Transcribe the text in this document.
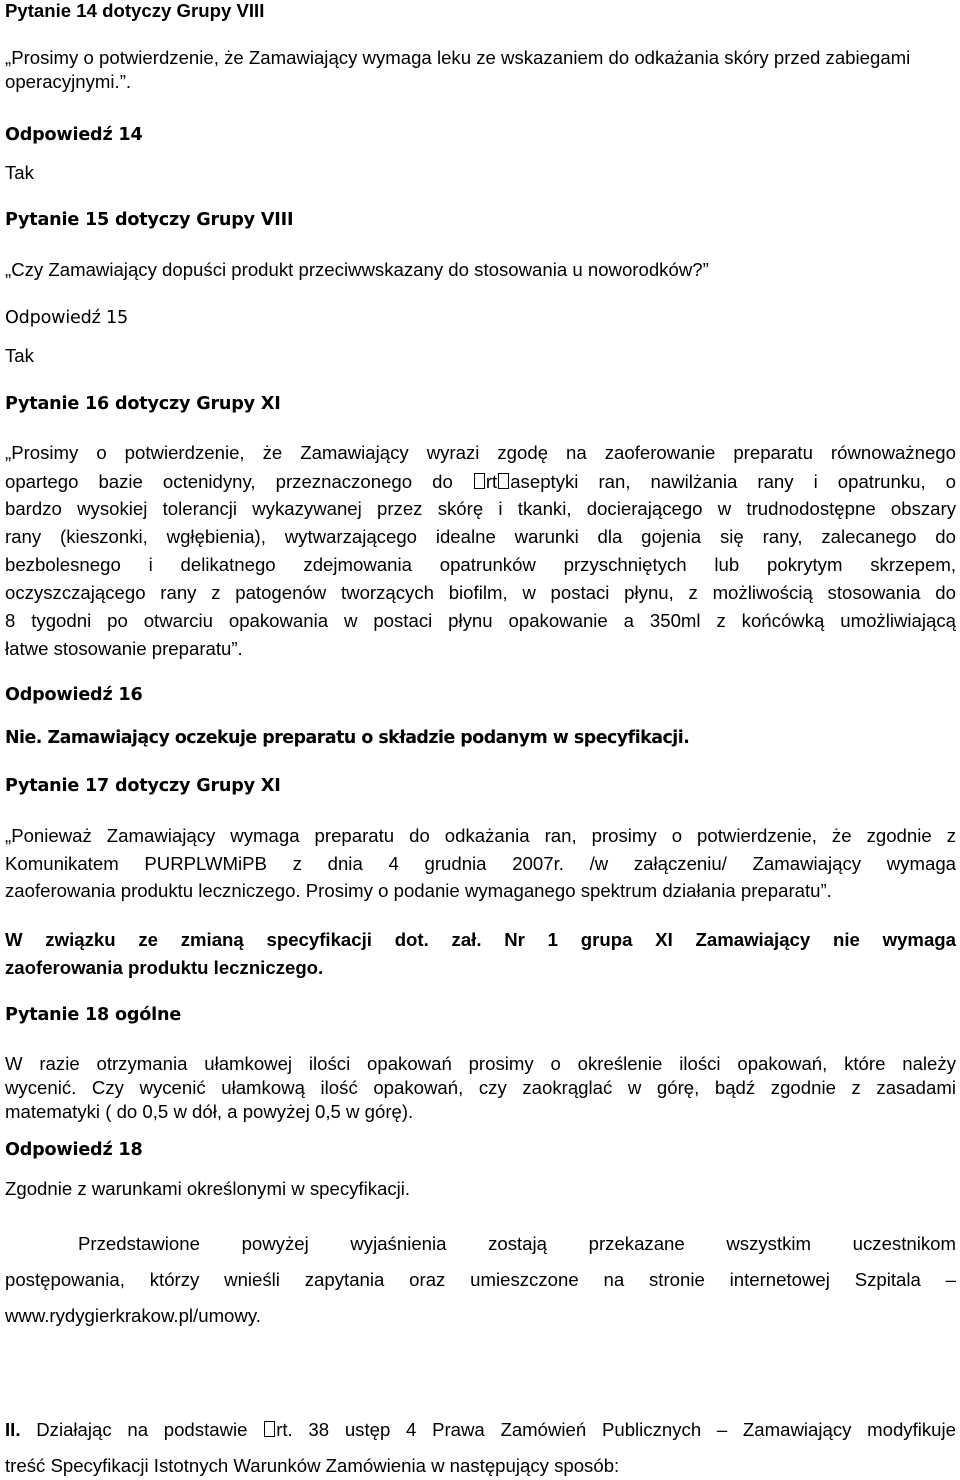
Pytanie 14 dotyczy Grupy VIII
„Prosimy o potwierdzenie, że Zamawiający wymaga leku ze wskazaniem do odkażania skóry przed zabiegami operacyjnymi.”.
Odpowiedź 14
Tak
Pytanie 15 dotyczy Grupy VIII
„Czy Zamawiający dopuści produkt przeciwwskazany do stosowania u noworodków?”
Odpowiedź 15
Tak
Pytanie 16 dotyczy Grupy XI
„Prosimy o potwierdzenie, że Zamawiający wyrazi zgodę na zaoferowanie preparatu równoważnego
opartego bazie octenidyny, przeznaczonego do rt aseptyki ran, nawilżania rany i opatrunku, o
bardzo wysokiej tolerancji wykazywanej przez skórę i tkanki, docierającego w trudnodostępne obszary
rany (kieszonki, wgłębienia), wytwarzającego idealne warunki dla gojenia się rany, zalecanego do
bezbolesnego i delikatnego zdejmowania opatrunków przyschniętych lub pokrytym skrzepem,
oczyszczającego rany z patogenów tworzących biofilm, w postaci płynu, z możliwością stosowania do
8 tygodni po otwarciu opakowania w postaci płynu opakowanie a 350ml z końcówką umożliwiającą
łatwe stosowanie preparatu”.
Odpowiedź 16
Nie. Zamawiający oczekuje preparatu o składzie podanym w specyfikacji.
Pytanie 17 dotyczy Grupy XI
„Ponieważ Zamawiający wymaga preparatu do odkażania ran, prosimy o potwierdzenie, że zgodnie z
Komunikatem PURPLWMiPB z dnia 4 grudnia 2007r. /w załączeniu/ Zamawiający wymaga
zaoferowania produktu leczniczego. Prosimy o podanie wymaganego spektrum działania preparatu”.
W związku ze zmianą specyfikacji dot. zał. Nr 1 grupa XI Zamawiający nie wymaga
zaoferowania produktu leczniczego.
Pytanie 18 ogólne
W razie otrzymania ułamkowej ilości opakowań prosimy o określenie ilości opakowań, które należy
wycenić. Czy wycenić ułamkową ilość opakowań, czy zaokrąglać w górę, bądź zgodnie z zasadami
matematyki ( do 0,5 w dół, a powyżej 0,5 w górę).
Odpowiedź 18
Zgodnie z warunkami określonymi w specyfikacji.
Przedstawione powyżej wyjaśnienia zostają przekazane wszystkim uczestnikom
postępowania, którzy wnieśli zapytania oraz umieszczone na stronie internetowej Szpitala –
www.rydygierkrakow.pl/umowy.
II. Działając na podstawie rt. 38 ustęp 4 Prawa Zamówień Publicznych – Zamawiający modyfikuje
treść Specyfikacji Istotnych Warunków Zamówienia w następujący sposób:
